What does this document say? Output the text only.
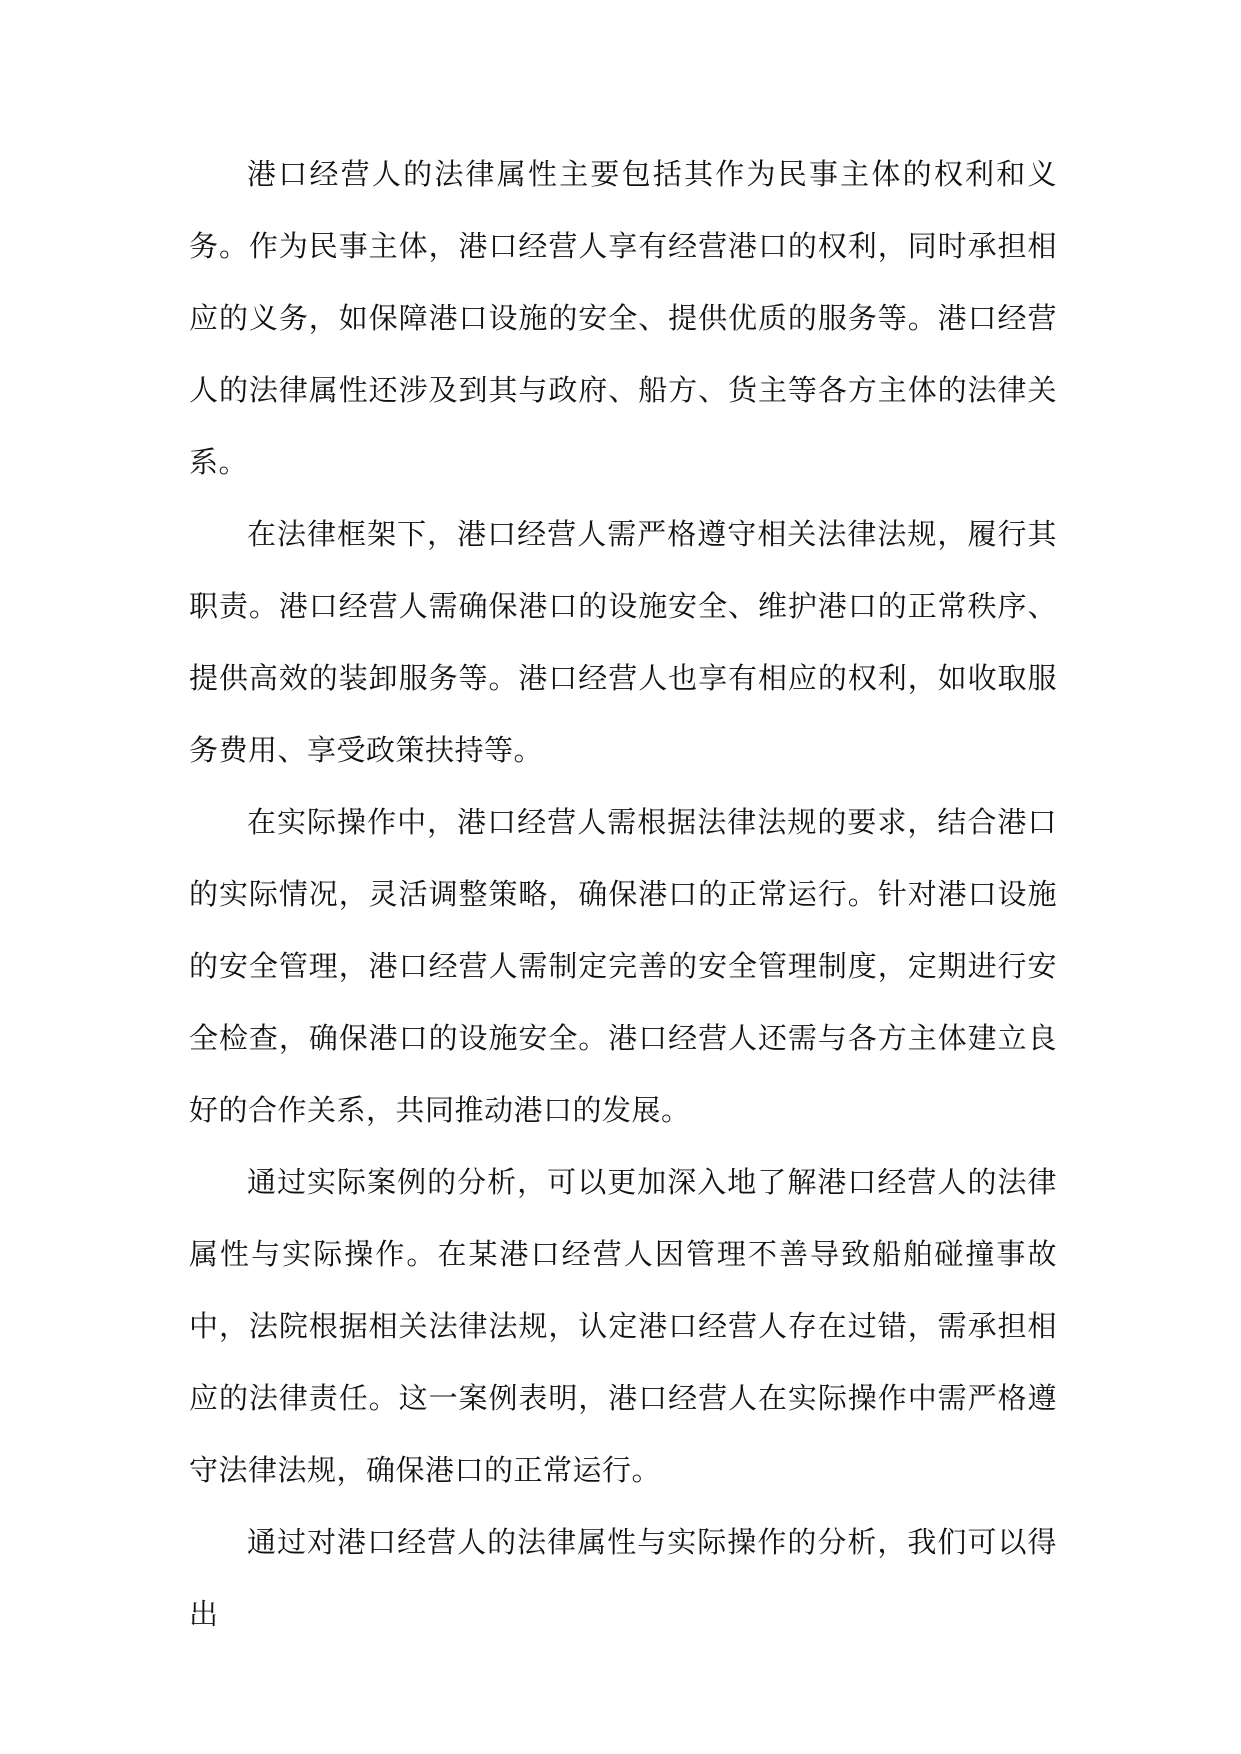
港口经营人的法律属性主要包括其作为民事主体的权利和义务。作为民事主体，港口经营人享有经营港口的权利，同时承担相应的义务，如保障港口设施的安全、提供优质的服务等。港口经营人的法律属性还涉及到其与政府、船方、货主等各方主体的法律关系。

在法律框架下，港口经营人需严格遵守相关法律法规，履行其职责。港口经营人需确保港口的设施安全、维护港口的正常秩序、提供高效的装卸服务等。港口经营人也享有相应的权利，如收取服务费用、享受政策扶持等。

在实际操作中，港口经营人需根据法律法规的要求，结合港口的实际情况，灵活调整策略，确保港口的正常运行。针对港口设施的安全管理，港口经营人需制定完善的安全管理制度，定期进行安全检查，确保港口的设施安全。港口经营人还需与各方主体建立良好的合作关系，共同推动港口的发展。

通过实际案例的分析，可以更加深入地了解港口经营人的法律属性与实际操作。在某港口经营人因管理不善导致船舶碰撞事故中，法院根据相关法律法规，认定港口经营人存在过错，需承担相应的法律责任。这一案例表明，港口经营人在实际操作中需严格遵守法律法规，确保港口的正常运行。

通过对港口经营人的法律属性与实际操作的分析，我们可以得出
